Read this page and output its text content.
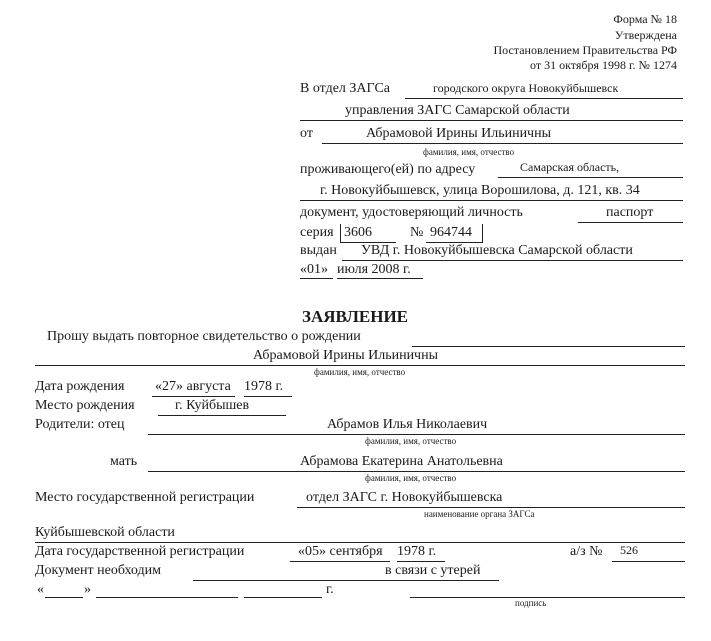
Форма № 18
Утверждена
Постановлением Правительства РФ
от 31 октября 1998 г. № 1274
В отдел ЗАГСа	городского округа Новокуйбышевск
управления ЗАГС Самарской области
от	Абрамовой Ирины Ильиничны
фамилия, имя, отчество
проживающего(ей) по адресу	Самарская область,
г. Новокуйбышевск, улица Ворошилова, д. 121, кв. 34
документ, удостоверяющий личность	паспорт
серия 3606	№ 964744
выдан УВД г. Новокуйбышевска Самарской области
«01» июля 2008 г.
ЗАЯВЛЕНИЕ
Прошу выдать повторное свидетельство о рождении
Абрамовой Ирины Ильиничны
фамилия, имя, отчество
Дата рождения «27» августа 1978 г.
Место рождения	г. Куйбышев
Родители: отец	Абрамов Илья Николаевич
фамилия, имя, отчество
мать	Абрамова Екатерина Анатольевна
фамилия, имя, отчество
Место государственной регистрации	отдел ЗАГС г. Новокуйбышевска
наименование органа ЗАГСа
Куйбышевской области
Дата государственной регистрации	«05» сентября 1978 г.	а/з № 526
Документ необходим	в связи с утерей
«	»	г.
подпись
